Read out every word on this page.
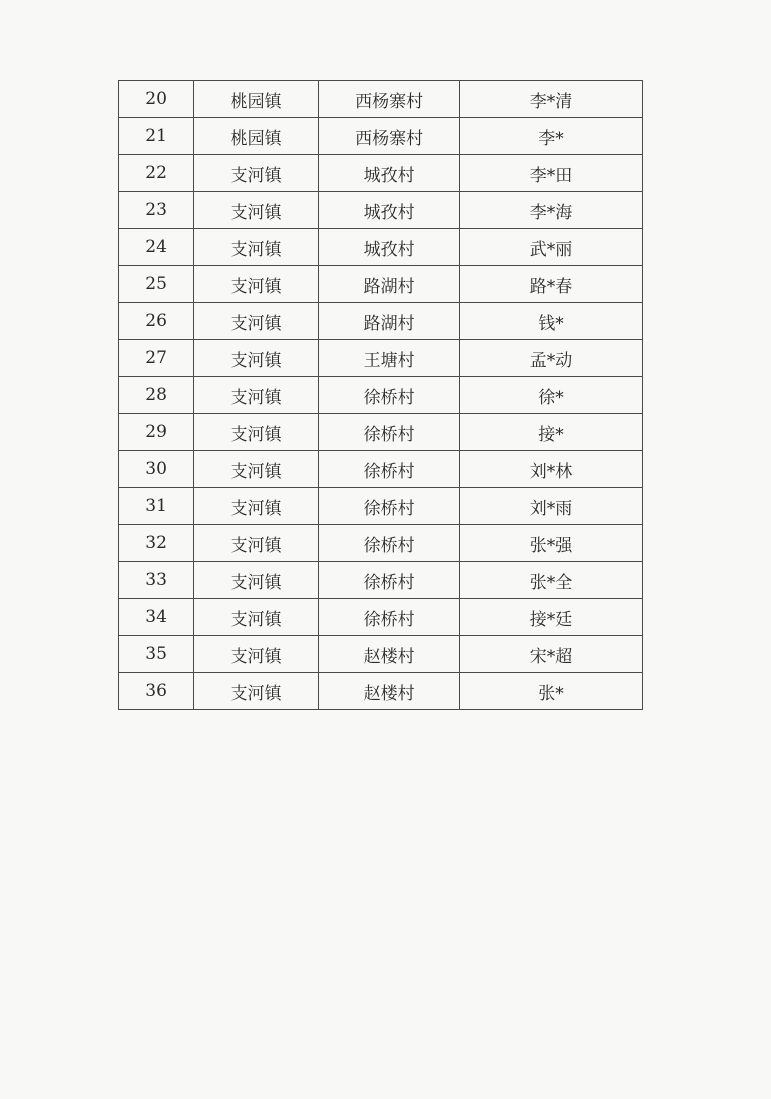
20	桃园镇	西杨寨村	李*清
21	桃园镇	西杨寨村	李*
22	支河镇	城孜村	李*田
23	支河镇	城孜村	李*海
24	支河镇	城孜村	武*丽
25	支河镇	路湖村	路*春
26	支河镇	路湖村	钱*
27	支河镇	王塘村	孟*动
28	支河镇	徐桥村	徐*
29	支河镇	徐桥村	接*
30	支河镇	徐桥村	刘*林
31	支河镇	徐桥村	刘*雨
32	支河镇	徐桥村	张*强
33	支河镇	徐桥村	张*全
34	支河镇	徐桥村	接*廷
35	支河镇	赵楼村	宋*超
36	支河镇	赵楼村	张*
